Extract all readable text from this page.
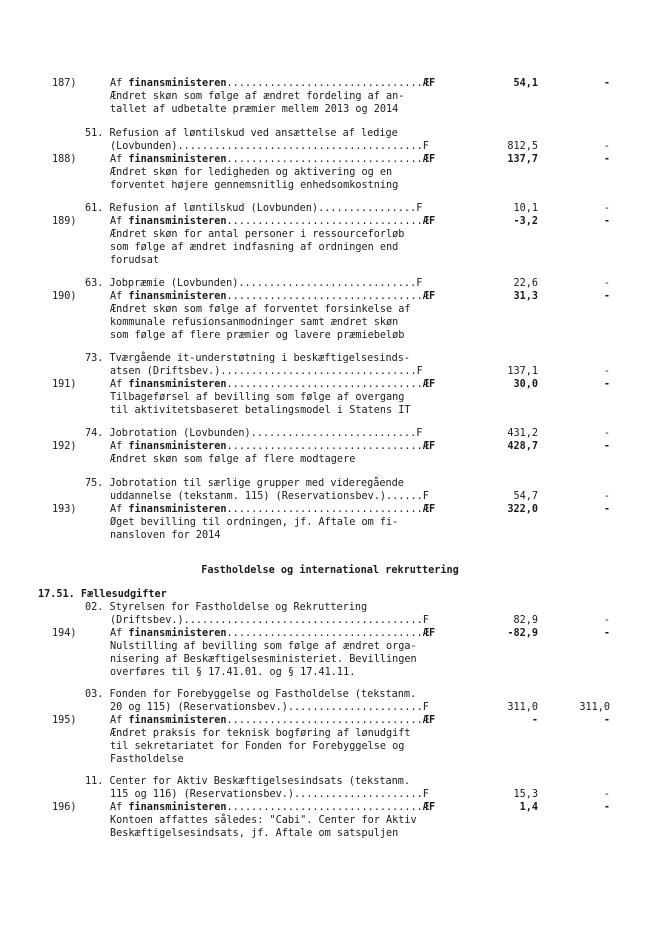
Af finansministeren................................ÆF
187)	54,1	-
Ændret skøn som følge af ændret fordeling af an-
tallet af udbetalte præmier mellem 2013 og 2014
51. Refusion af løntilskud ved ansættelse af ledige
(Lovbunden)........................................F	812,5	-
Af finansministeren................................ÆF
188)	137,7	-
Ændret skøn for ledigheden og aktivering og en
forventet højere gennemsnitlig enhedsomkostning
61. Refusion af løntilskud (Lovbunden)................F	10,1	-
Af finansministeren................................ÆF
189)	-3,2	-
Ændret skøn for antal personer i ressourceforløb
som følge af ændret indfasning af ordningen end
forudsat
63. Jobpræmie (Lovbunden).............................F	22,6	-
Af finansministeren................................ÆF
190)	31,3	-
Ændret skøn som følge af forventet forsinkelse af
kommunale refusionsanmodninger samt ændret skøn
som følge af flere præmier og lavere præmiebeløb
73. Tværgående it-understøtning i beskæftigelsesinds-
atsen (Driftsbev.)................................F	137,1	-
Af finansministeren................................ÆF
191)	30,0	-
Tilbageførsel af bevilling som følge af overgang
til aktivitetsbaseret betalingsmodel i Statens IT
74. Jobrotation (Lovbunden)...........................F	431,2	-
Af finansministeren................................ÆF
192)	428,7	-
Ændret skøn som følge af flere modtagere
75. Jobrotation til særlige grupper med videregående
uddannelse (tekstanm. 115) (Reservationsbev.)......F	54,7	-
Af finansministeren................................ÆF
193)	322,0	-
Øget bevilling til ordningen, jf. Aftale om fi-
nansloven for 2014
Fastholdelse og international rekruttering
17.51. Fællesudgifter
02. Styrelsen for Fastholdelse og Rekruttering
(Driftsbev.).......................................F	82,9	-
Af finansministeren................................ÆF
194)	-82,9	-
Nulstilling af bevilling som følge af ændret orga-
nisering af Beskæftigelsesministeriet. Bevillingen
overføres til § 17.41.01. og § 17.41.11.
03. Fonden for Forebyggelse og Fastholdelse (tekstanm.
20 og 115) (Reservationsbev.)......................F	311,0	311,0
Af finansministeren................................ÆF
195)	-	-
Ændret praksis for teknisk bogføring af lønudgift
til sekretariatet for Fonden for Forebyggelse og
Fastholdelse
11. Center for Aktiv Beskæftigelsesindsats (tekstanm.
115 og 116) (Reservationsbev.).....................F	15,3	-
Af finansministeren................................ÆF
196)	1,4	-
Kontoen affattes således: "Cabi". Center for Aktiv
Beskæftigelsesindsats, jf. Aftale om satspuljen
